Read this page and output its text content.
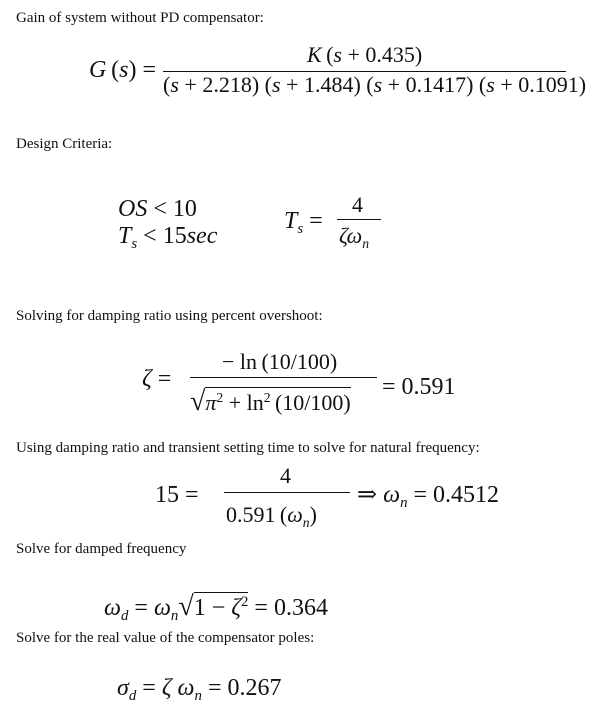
Gain of system without PD compensator:
G (s) =
K (s + 0.435)
(s + 2.218) (s + 1.484) (s + 0.1417) (s + 0.1091)
Design Criteria:
OS < 10
$T_s < 15\sec$
$T_s$ =
4
$\zeta\omega_n$
Solving for damping ratio using percent overshoot:
ζ =
− ln (10/100)
$√\pi^2 + \ln^2 (10/100)$
= 0.591
Using damping ratio and transient setting time to solve for natural frequency:
15 =
4
0.591 $(\omega_n)$
⇒ $\omega_n = 0.4512$
Solve for damped frequency
$\omega_d = \omega_n√1 - \zeta^2 = 0.364$
Solve for the real value of the compensator poles:
$\sigma_d = \zeta$ $\omega_n = 0.267$
